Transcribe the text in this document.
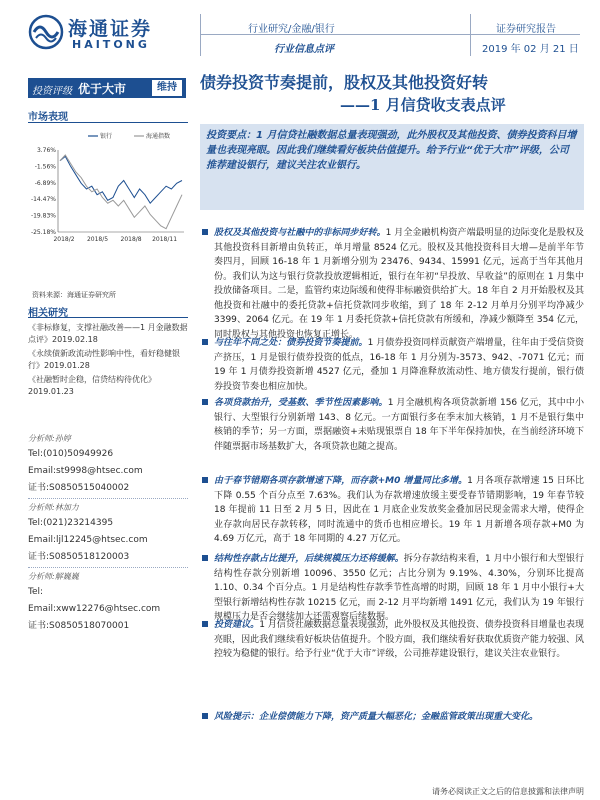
海通证券
HAITONG
行业研究/金融/银行
行业信息点评
证券研究报告
2019 年 02 月 21 日
投资评级 优于大市	维持	债券投资节奏提前，股权及其他投资好转
——1 月信贷收支表点评
市场表现
3.76%
-1.56%
-6.89%
-14.47%
-19.83%
-25.18%
2018/2 2018/5 2018/8 2018/11
银行	海通指数
资料来源：海通证券研究所
相关研究
《非标修复，支撑社融改善——1 月金融数据点评》2019.02.18
《永续债新政流动性影响中性，看好稳健银行》2019.01.28
《社融暂时企稳，信贷结构待优化》2019.01.23
分析师:孙婷
Tel:(010)50949926
Email:st9998@htsec.com
证书:S0850515040002
分析师:林加力
Tel:(021)23214395
Email:ljl12245@htsec.com
证书:S0850518120003
分析师:解巍巍
Tel:
Email:xww12276@htsec.com
证书:S0850518070001
投资要点：1 月信贷社融数据总量表现强劲，此外股权及其他投资、债券投资科目增量也表现亮眼。因此我们继续看好板块估值提升。给予行业“优于大市”评级，公司推荐建设银行，建议关注农业银行。
股权及其他投资与社融中的非标同步好转。1 月全金融机构资产端最明显的边际变化是股权及其他投资科目新增由负转正，单月增量 8524 亿元。股权及其他投资科目大增—是前半年节奏四月，回顾 16-18 年 1 月新增分别为 23476、9434、15991 亿元，远高于当年其他月份。我们认为这与银行贷款投放逻辑相近，银行在年初“早投放、早收益”的原则在 1 月集中投放储备项目。二是，监管约束边际缓和使得非标融资供给扩大。18 年自 2 月开始股权及其他投资和社融中的委托贷款+信托贷款同步收缩，到了 18 年 2-12 月单月分别平均净减少 3399、2064 亿元。在 19 年 1 月委托贷款+信托贷款有所缓和，净减少额降至 354 亿元，同时股权与其他投资也恢复正增长。
与往年不同之处：债券投资节奏提前。1 月债券投资同样贡献资产端增量，往年由于受信贷资产挤压，1 月是银行债券投资的低点，16-18 年 1 月分别为-3573、942、-7071 亿元；而 19 年 1 月债券投资新增 4527 亿元，叠加 1 月降准释放流动性、地方债发行提前，银行债券投资节奏也相应加快。
各项贷款抬升，受基数、季节性因素影响。1 月全融机构各项贷款新增 156 亿元，其中中小银行、大型银行分别新增 143、8 亿元。一方面银行多在季末加大核销，1 月不是银行集中核销的季节；另一方面，票据融资+未贴现银票自 18 年下半年保持加快，在当前经济环境下伴随票据市场基数扩大，各项贷款也随之提高。
由于春节错期各项存款增速下降，而存款+M0 增量同比多增。1 月各项存款增速 15 日环比下降 0.55 个百分点至 7.63%。我们认为存款增速放缓主要受春节错期影响，19 年春节较 18 年提前 11 日至 2 月 5 日，因此在 1 月底企业发放奖金叠加居民现金需求大增，使得企业存款向居民存款转移，同时流通中的货币也相应增长。19 年 1 月新增各项存款+M0 为 4.69 万亿元，高于 18 年同期的 4.27 万亿元。
结构性存款占比提升，后续规模压力还将缓解。拆分存款结构来看，1 月中小银行和大型银行结构性存款分别新增 10096、3550 亿元；占比分别为 9.19%、4.30%，分别环比提高 1.10、0.34 个百分点。1 月是结构性存款季节性高增的时期，回顾 18 年 1 月中小银行+大型银行新增结构性存款 10215 亿元，而 2-12 月平均新增 1491 亿元，我们认为 19 年银行规模压力是否会继续加大还需观察后续数据。
投资建议。1 月信贷社融数据总量表现强劲，此外股权及其他投资、债券投资科目增量也表现亮眼，因此我们继续看好板块估值提升。个股方面，我们继续看好获取优质资产能力较强、风控较为稳健的银行。给予行业“优于大市”评级，公司推荐建设银行，建议关注农业银行。
风险提示：企业偿债能力下降，资产质量大幅恶化；金融监管政策出现重大变化。
请务必阅读正文之后的信息披露和法律声明
